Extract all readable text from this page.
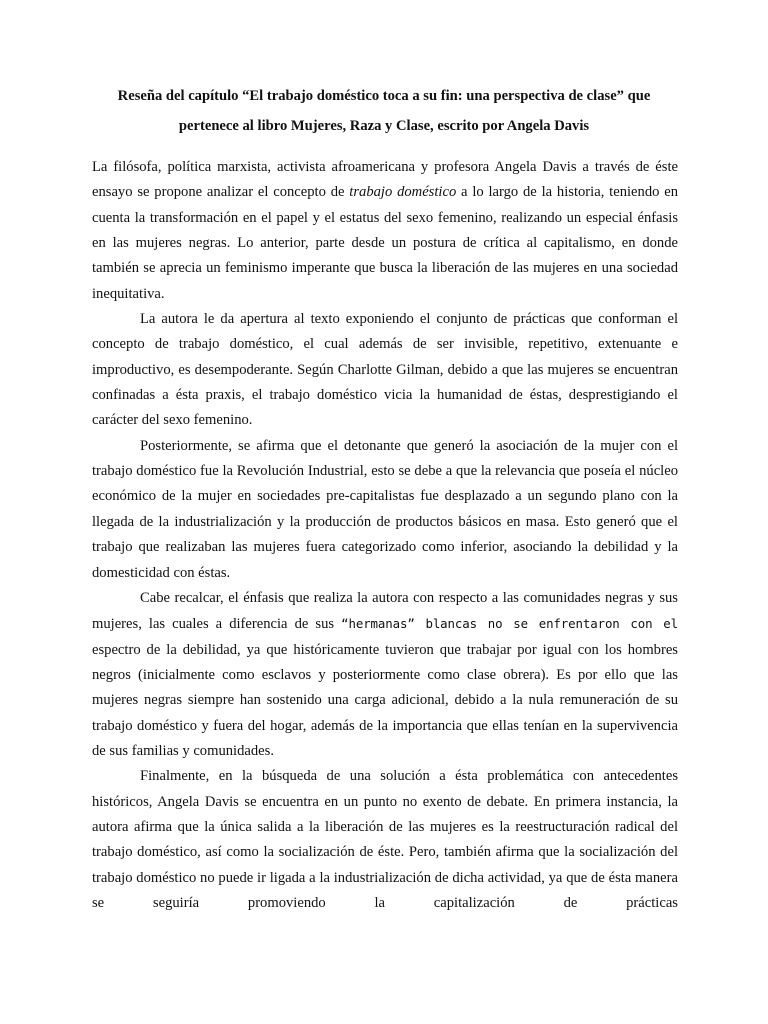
Reseña del capítulo “El trabajo doméstico toca a su fin: una perspectiva de clase” que
pertenece al libro Mujeres, Raza y Clase, escrito por Angela Davis

La filósofa, política marxista, activista afroamericana y profesora Angela Davis a través de éste ensayo se propone analizar el concepto de trabajo doméstico a lo largo de la historia, teniendo en cuenta la transformación en el papel y el estatus del sexo femenino, realizando un especial énfasis en las mujeres negras. Lo anterior, parte desde un postura de crítica al capitalismo, en donde también se aprecia un feminismo imperante que busca la liberación de las mujeres en una sociedad inequitativa.

La autora le da apertura al texto exponiendo el conjunto de prácticas que conforman el concepto de trabajo doméstico, el cual además de ser invisible, repetitivo, extenuante e improductivo, es desempoderante. Según Charlotte Gilman, debido a que las mujeres se encuentran confinadas a ésta praxis, el trabajo doméstico vicia la humanidad de éstas, desprestigiando el carácter del sexo femenino.

Posteriormente, se afirma que el detonante que generó la asociación de la mujer con el trabajo doméstico fue la Revolución Industrial, esto se debe a que la relevancia que poseía el núcleo económico de la mujer en sociedades pre-capitalistas fue desplazado a un segundo plano con la llegada de la industrialización y la producción de productos básicos en masa. Esto generó que el trabajo que realizaban las mujeres fuera categorizado como inferior, asociando la debilidad y la domesticidad con éstas.

Cabe recalcar, el énfasis que realiza la autora con respecto a las comunidades negras y sus mujeres, las cuales a diferencia de sus “hermanas” blancas no se enfrentaron con el espectro de la debilidad, ya que históricamente tuvieron que trabajar por igual con los hombres negros (inicialmente como esclavos y posteriormente como clase obrera). Es por ello que las mujeres negras siempre han sostenido una carga adicional, debido a la nula remuneración de su trabajo doméstico y fuera del hogar, además de la importancia que ellas tenían en la supervivencia de sus familias y comunidades.

Finalmente, en la búsqueda de una solución a ésta problemática con antecedentes históricos, Angela Davis se encuentra en un punto no exento de debate. En primera instancia, la autora afirma que la única salida a la liberación de las mujeres es la reestructuración radical del trabajo doméstico, así como la socialización de éste. Pero, también afirma que la socialización del trabajo doméstico no puede ir ligada a la industrialización de dicha actividad, ya que de ésta manera se seguiría promoviendo la capitalización de prácticas
